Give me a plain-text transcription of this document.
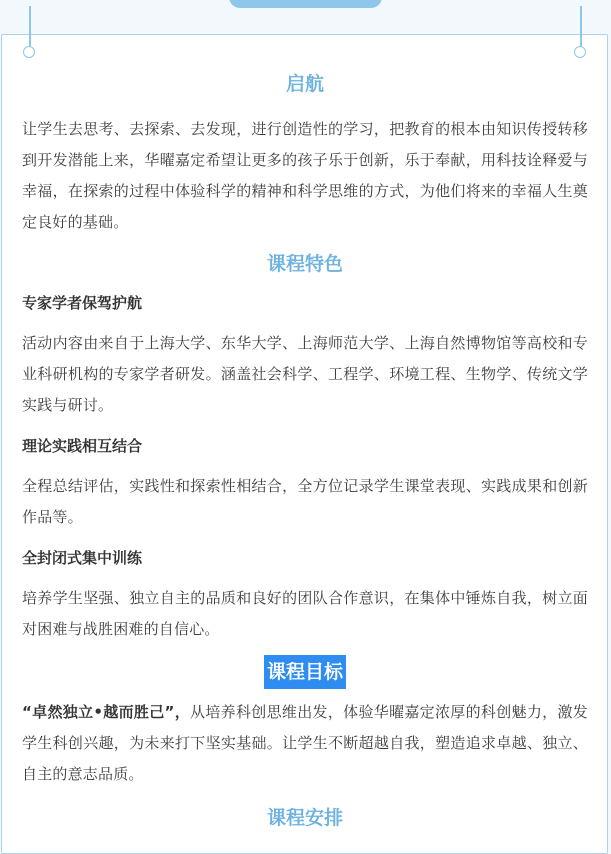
启航

让学生去思考、去探索、去发现，进行创造性的学习，把教育的根本由知识传授转移到开发潜能上来，华曜嘉定希望让更多的孩子乐于创新，乐于奉献，用科技诠释爱与幸福，在探索的过程中体验科学的精神和科学思维的方式，为他们将来的幸福人生奠定良好的基础。

课程特色
专家学者保驾护航

活动内容由来自于上海大学、东华大学、上海师范大学、上海自然博物馆等高校和专业科研机构的专家学者研发。涵盖社会科学、工程学、环境工程、生物学、传统文学实践与研讨。

理论实践相互结合

全程总结评估，实践性和探索性相结合，全方位记录学生课堂表现、实践成果和创新作品等。

全封闭式集中训练

培养学生坚强、独立自主的品质和良好的团队合作意识，在集体中锤炼自我，树立面对困难与战胜困难的自信心。

课程目标

“卓然独立•越而胜己”，从培养科创思维出发，体验华曜嘉定浓厚的科创魅力，激发学生科创兴趣，为未来打下坚实基础。让学生不断超越自我，塑造追求卓越、独立、自主的意志品质。

课程安排
